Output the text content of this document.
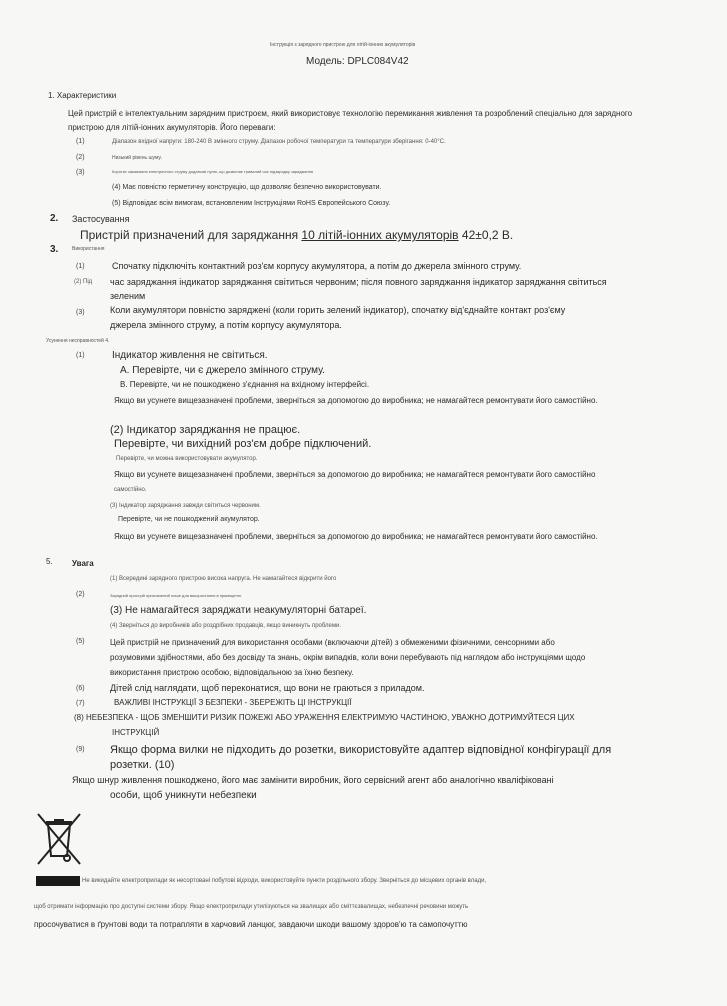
Інструкція з зарядного пристрою для літій-іонних акумуляторів
Модель: DPLC084V42
1. Характеристики
Цей пристрій є інтелектуальним зарядним пристроєм, який використовує технологію перемикання живлення та розроблений спеціально для зарядного пристрою для літій-іонних акумуляторів. Його переваги:
(1)	Діапазон вхідної напруги: 180-240 В змінного струму. Діапазон робочої температури та температури зберігання: 0-40°C.
(2)	Низький рівень шуму.
(3)	Коротке замикання електричного струму додаткові нулю, що дозволяє тривалий час підзарядку заряджання
(4) Має повністю герметичну конструкцію, що дозволяє безпечно використовувати.
(5) Відповідає всім вимогам, встановленим Інструкціями RoHS Європейського Союзу.
2. Застосування
Пристрій призначений для заряджання 10 літій-іонних акумуляторів 42±0,2 В.
3.	Використання
(1)	Спочатку підключіть контактний роз'єм корпусу акумулятора, а потім до джерела змінного струму.
(2) Під час заряджання індикатор заряджання світиться червоним; після повного заряджання індикатор заряджання світиться
зеленим
(3)	Коли акумулятори повністю заряджені (коли горить зелений індикатор), спочатку від'єднайте контакт роз'єму
джерела змінного струму, а потім корпусу акумулятора.
Усунення несправностей 4.
(1)	Індикатор живлення не світиться.
А. Перевірте, чи є джерело змінного струму.
В. Перевірте, чи не пошкоджено з'єднання на вхідному інтерфейсі.
Якщо ви усунете вищезазначені проблеми, зверніться за допомогою до виробника; не намагайтеся ремонтувати його самостійно.
(2) Індикатор заряджання не працює.
Перевірте, чи вихідний роз'єм добре підключений.
Перевірте, чи можна використовувати акумулятор.
Якщо ви усунете вищезазначені проблеми, зверніться за допомогою до виробника; не намагайтеся ремонтувати його самостійно
самостійно.
(3) Індикатор заряджання завжди світиться червоним.
Перевірте, чи не пошкоджений акумулятор.
Якщо ви усунете вищезазначені проблеми, зверніться за допомогою до виробника; не намагайтеся ремонтувати його самостійно.
5. Увага
(1) Всередині зарядного пристрою висока напруга. Не намагайтеся відкрити його
(2)	Зарядний пристрій призначений лише для використання в приміщенні.
(3) Не намагайтеся заряджати неакумуляторні батареї.
(4) Зверніться до виробників або роздрібних продавців, якщо виникнуть проблеми.
(5)	Цей пристрій не призначений для використання особами (включаючи дітей) з обмеженими фізичними, сенсорними або
розумовими здібностями, або без досвіду та знань, окрім випадків, коли вони перебувають під наглядом або інструкціями щодо
використання пристрою особою, відповідальною за їхню безпеку.
(6)	Дітей слід наглядати, щоб переконатися, що вони не граються з приладом.
(7)	ВАЖЛИВІ ІНСТРУКЦІЇ З БЕЗПЕКИ - ЗБЕРЕЖІТЬ ЦІ ІНСТРУКЦІЇ
(8) НЕБЕЗПЕКА - ЩОБ ЗМЕНШИТИ РИЗИК ПОЖЕЖІ АБО УРАЖЕННЯ ЕЛЕКТРИМУЮ ЧАСТИНОЮ, УВАЖНО ДОТРИМУЙТЕСЯ ЦИХ
ІНСТРУКЦІЙ
(9) Якщо форма вилки не підходить до розетки, використовуйте адаптер відповідної конфігурації для
розетки. (10)
Якщо шнур живлення пошкоджено, його має замінити виробник, його сервісний агент або аналогічно кваліфіковані
особи, щоб уникнути небезпеки
Не викидайте електроприлади як несортовані побутові відходи, використовуйте пункти роздільного збору. Зверніться до місцевих органів влади,
щоб отримати інформацію про доступні системи збору. Якщо електроприлади утилізуються на звалищах або сміттєзвалищах, небезпечні речовини можуть
просочуватися в ґрунтові води та потрапляти в харчовий ланцюг, завдаючи шкоди вашому здоров'ю та самопочуттю
